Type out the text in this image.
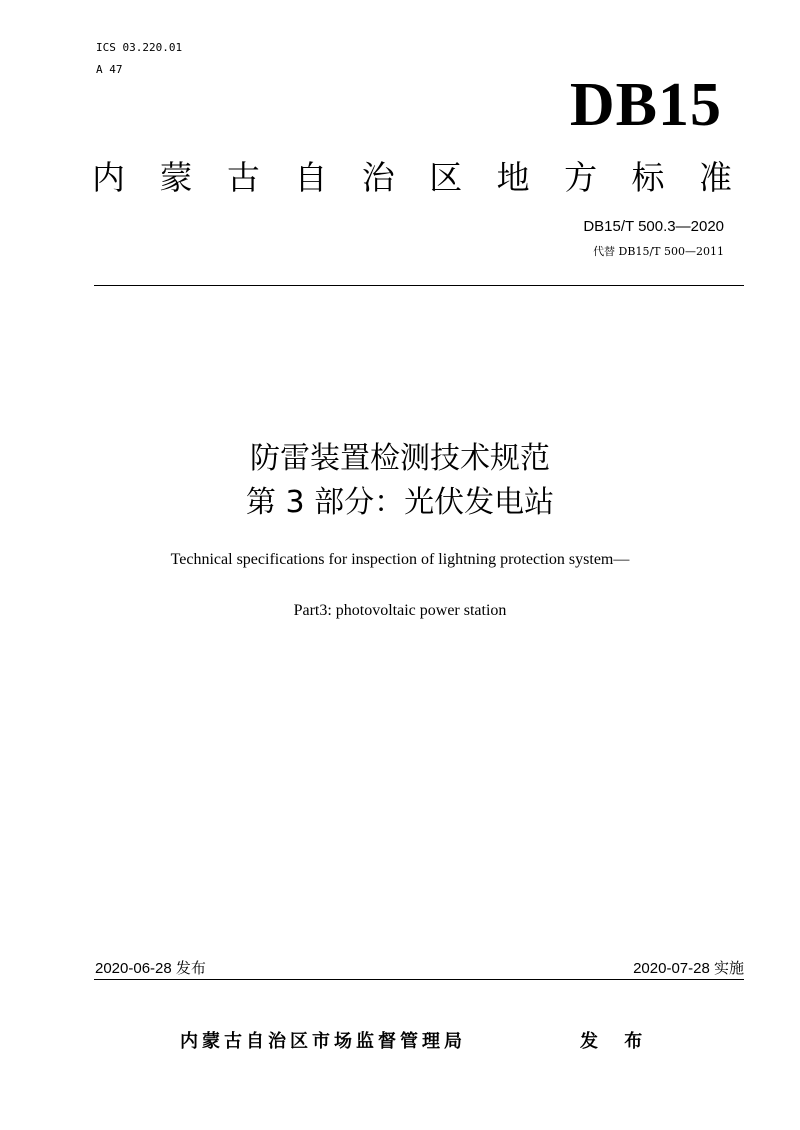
ICS 03.220.01
A 47
DB15
内 蒙 古 自 治 区 地 方 标 准
DB15/T 500.3—2020
代替 DB15/T 500—2011
防雷装置检测技术规范
第 3 部分：光伏发电站
Technical specifications for inspection of lightning protection system—
Part3: photovoltaic power station
2020-06-28 发布	2020-07-28 实施
内蒙古自治区市场监督管理局	发 布
